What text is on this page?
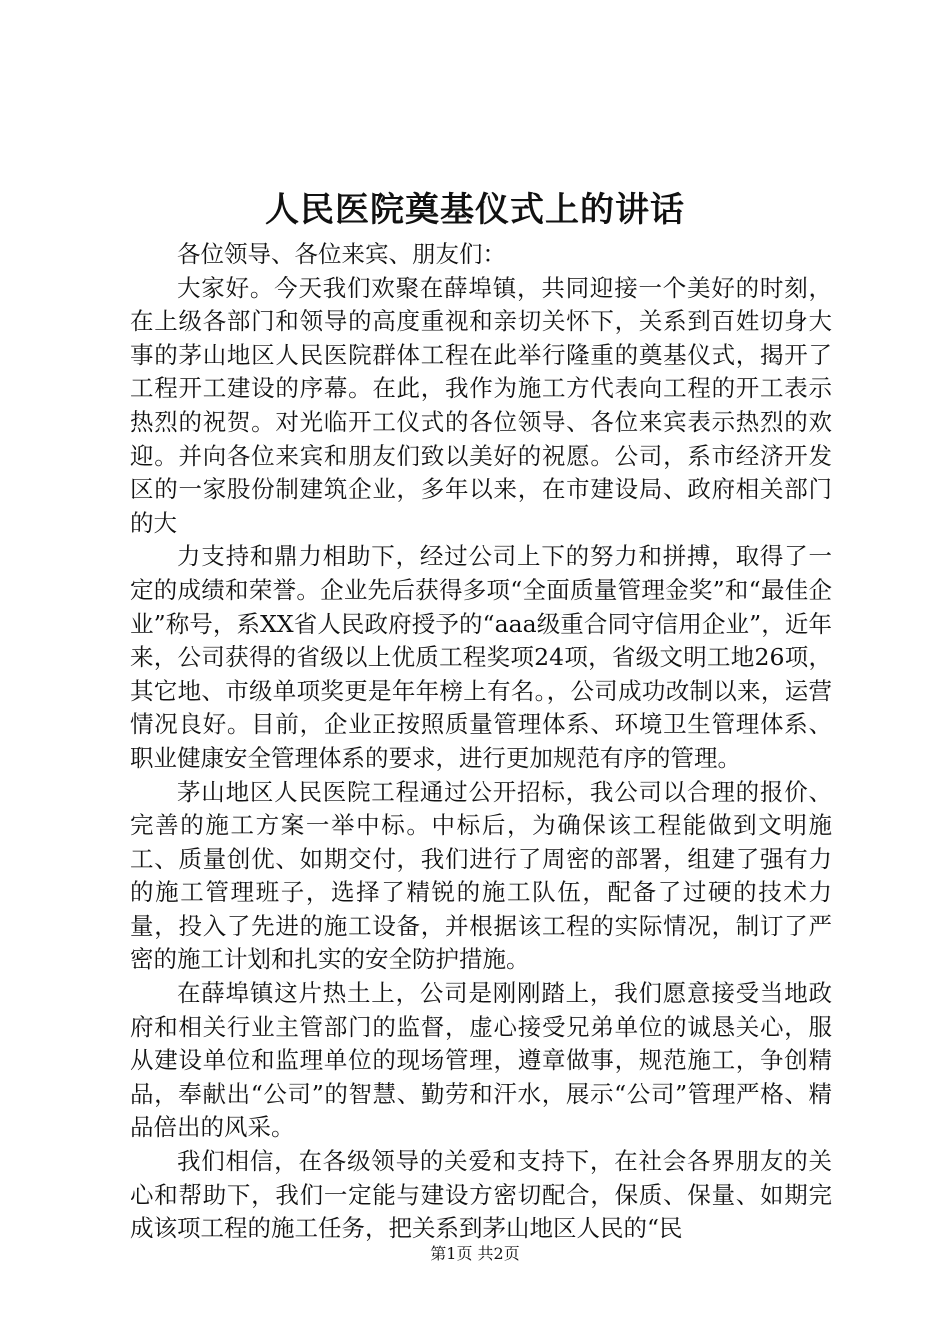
人民医院奠基仪式上的讲话

各位领导、各位来宾、朋友们：

大家好。今天我们欢聚在薛埠镇，共同迎接一个美好的时刻，在上级各部门和领导的高度重视和亲切关怀下，关系到百姓切身大事的茅山地区人民医院群体工程在此举行隆重的奠基仪式，揭开了工程开工建设的序幕。在此，我作为施工方代表向工程的开工表示热烈的祝贺。对光临开工仪式的各位领导、各位来宾表示热烈的欢迎。并向各位来宾和朋友们致以美好的祝愿。公司，系市经济开发区的一家股份制建筑企业，多年以来，在市建设局、政府相关部门的大

力支持和鼎力相助下，经过公司上下的努力和拼搏，取得了一定的成绩和荣誉。企业先后获得多项“全面质量管理金奖”和“最佳企业”称号，系XX省人民政府授予的“aaa级重合同守信用企业”，近年来，公司获得的省级以上优质工程奖项24项，省级文明工地26项，其它地、市级单项奖更是年年榜上有名。，公司成功改制以来，运营情况良好。目前，企业正按照质量管理体系、环境卫生管理体系、职业健康安全管理体系的要求，进行更加规范有序的管理。

茅山地区人民医院工程通过公开招标，我公司以合理的报价、完善的施工方案一举中标。中标后，为确保该工程能做到文明施工、质量创优、如期交付，我们进行了周密的部署，组建了强有力的施工管理班子，选择了精锐的施工队伍，配备了过硬的技术力量，投入了先进的施工设备，并根据该工程的实际情况，制订了严密的施工计划和扎实的安全防护措施。

在薛埠镇这片热土上，公司是刚刚踏上，我们愿意接受当地政府和相关行业主管部门的监督，虚心接受兄弟单位的诚恳关心，服从建设单位和监理单位的现场管理，遵章做事，规范施工，争创精品，奉献出“公司”的智慧、勤劳和汗水，展示“公司”管理严格、精品倍出的风采。

我们相信，在各级领导的关爱和支持下，在社会各界朋友的关心和帮助下，我们一定能与建设方密切配合，保质、保量、如期完成该项工程的施工任务，把关系到茅山地区人民的“民

第1页 共2页
